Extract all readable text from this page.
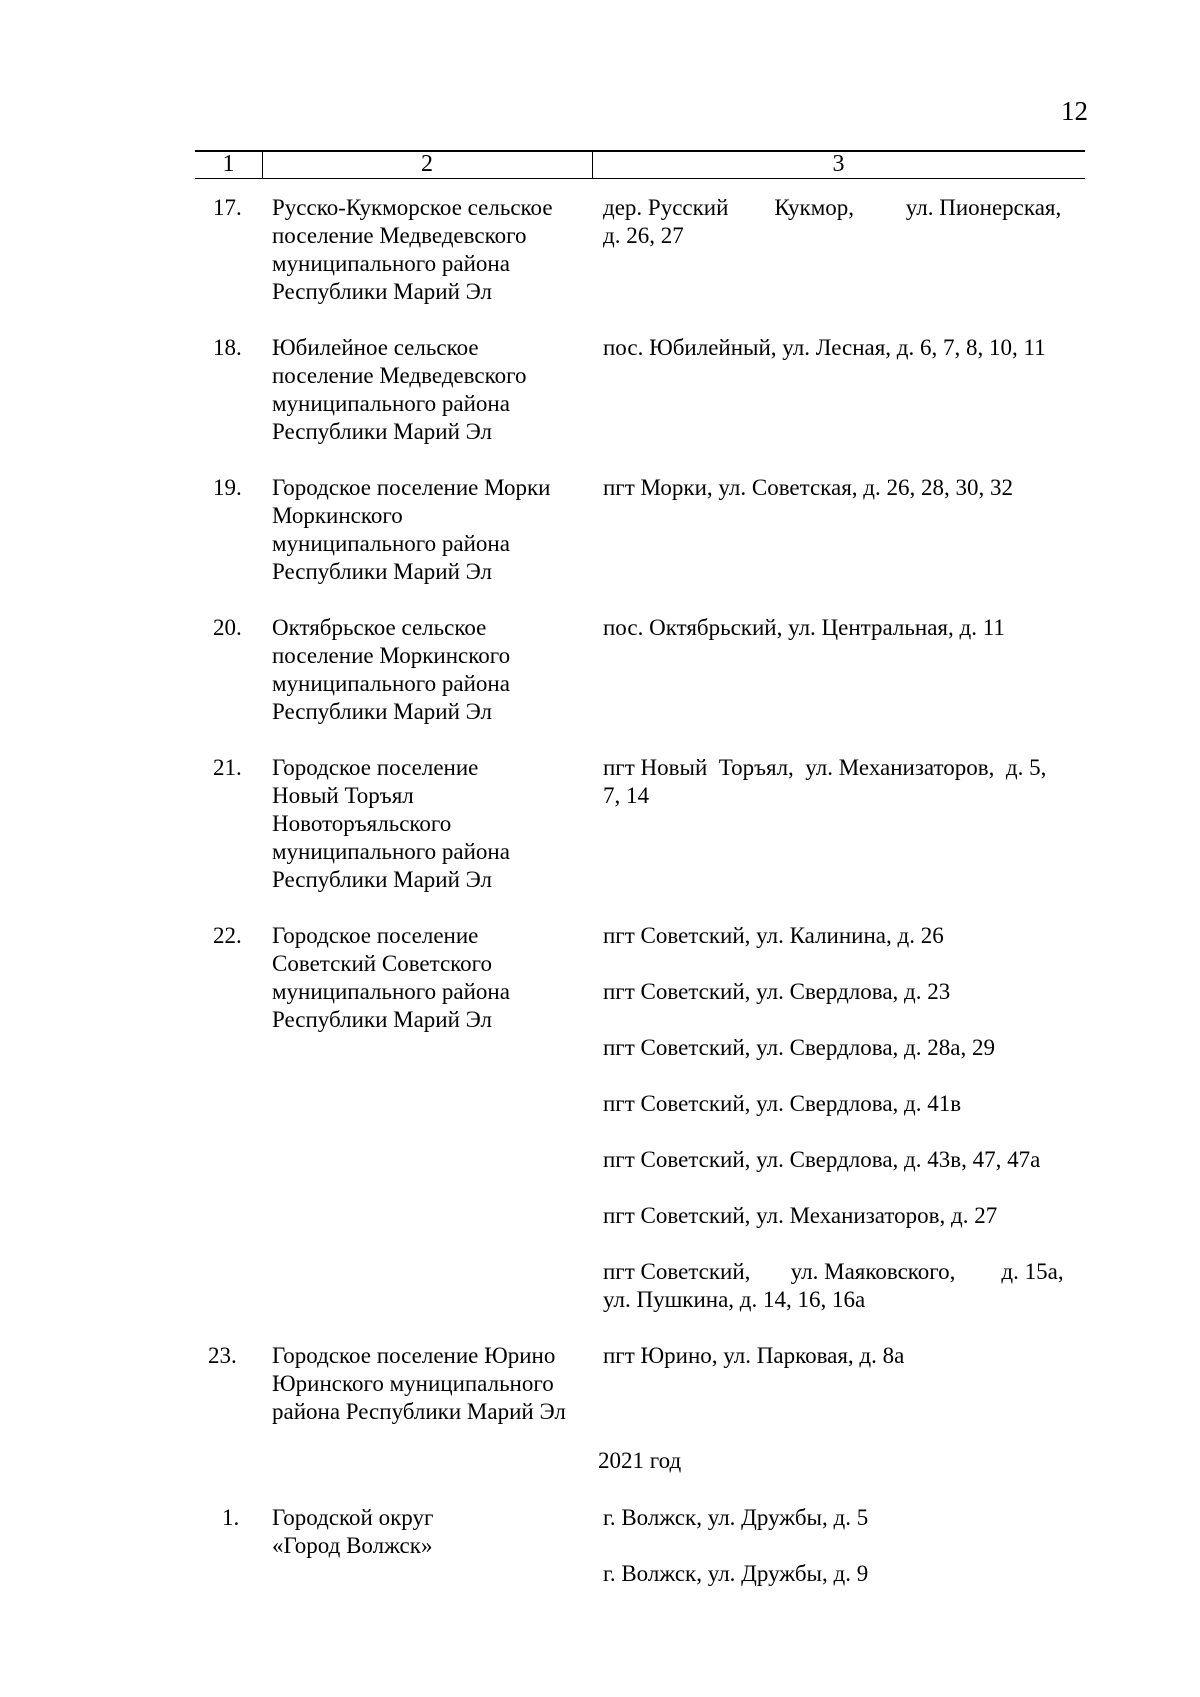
12
1	2	3
17. Русско-Кукморское сельское
поселение Медведевского
муниципального района
Республики Марий Эл
дер. Русский        Кукмор,         ул. Пионерская,
д. 26, 27
18. Юбилейное сельское
поселение Медведевского
муниципального района
Республики Марий Эл
пос. Юбилейный, ул. Лесная, д. 6, 7, 8, 10, 11
19. Городское поселение Морки
Моркинского
муниципального района
Республики Марий Эл
пгт Морки, ул. Советская, д. 26, 28, 30, 32
20. Октябрьское сельское
поселение Моркинского
муниципального района
Республики Марий Эл
пос. Октябрьский, ул. Центральная, д. 11
21. Городское поселение
Новый Торъял
Новоторъяльского
муниципального района
Республики Марий Эл
пгт Новый  Торъял,  ул. Механизаторов,  д. 5,
7, 14
22. Городское поселение
Советский Советского
муниципального района
Республики Марий Эл
пгт Советский, ул. Калинина, д. 26
пгт Советский, ул. Свердлова, д. 23
пгт Советский, ул. Свердлова, д. 28а, 29
пгт Советский, ул. Свердлова, д. 41в
пгт Советский, ул. Свердлова, д. 43в, 47, 47а
пгт Советский, ул. Механизаторов, д. 27
пгт Советский,       ул. Маяковского,        д. 15а,
ул. Пушкина, д. 14, 16, 16а
23. Городское поселение Юрино
Юринского муниципального
района Республики Марий Эл
пгт Юрино, ул. Парковая, д. 8а
2021 год
1. Городской округ
«Город Волжск»
г. Волжск, ул. Дружбы, д. 5
г. Волжск, ул. Дружбы, д. 9
